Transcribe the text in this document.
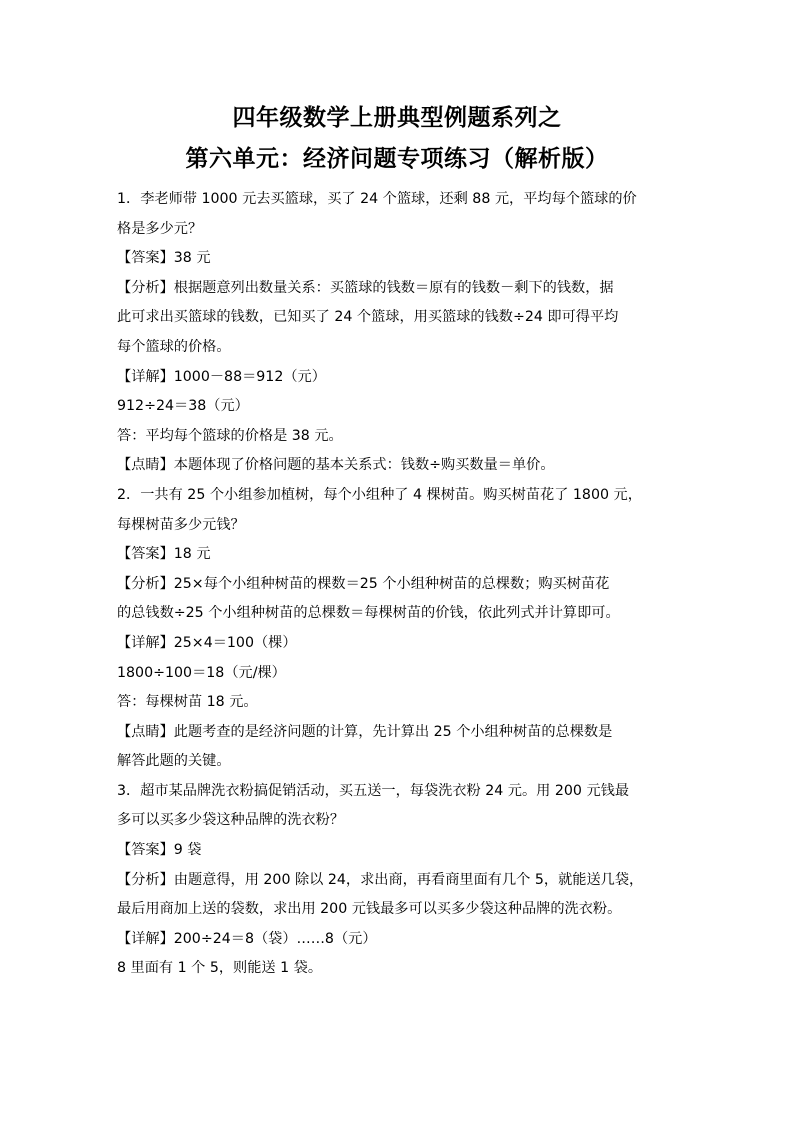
四年级数学上册典型例题系列之
第六单元：经济问题专项练习（解析版）
1．李老师带 1000 元去买篮球，买了 24 个篮球，还剩 88 元，平均每个篮球的价
格是多少元？
【答案】38 元
【分析】根据题意列出数量关系：买篮球的钱数＝原有的钱数－剩下的钱数，据
此可求出买篮球的钱数，已知买了 24 个篮球，用买篮球的钱数÷24 即可得平均
每个篮球的价格。
【详解】1000－88＝912（元）
912÷24＝38（元）
答：平均每个篮球的价格是 38 元。
【点睛】本题体现了价格问题的基本关系式：钱数÷购买数量＝单价。
2．一共有 25 个小组参加植树，每个小组种了 4 棵树苗。购买树苗花了 1800 元，
每棵树苗多少元钱？
【答案】18 元
【分析】25×每个小组种树苗的棵数＝25 个小组种树苗的总棵数；购买树苗花
的总钱数÷25 个小组种树苗的总棵数＝每棵树苗的价钱，依此列式并计算即可。
【详解】25×4＝100（棵）
1800÷100＝18（元/棵）
答：每棵树苗 18 元。
【点睛】此题考查的是经济问题的计算，先计算出 25 个小组种树苗的总棵数是
解答此题的关键。
3．超市某品牌洗衣粉搞促销活动，买五送一，每袋洗衣粉 24 元。用 200 元钱最
多可以买多少袋这种品牌的洗衣粉？
【答案】9 袋
【分析】由题意得，用 200 除以 24，求出商，再看商里面有几个 5，就能送几袋，
最后用商加上送的袋数，求出用 200 元钱最多可以买多少袋这种品牌的洗衣粉。
【详解】200÷24＝8（袋）……8（元）
8 里面有 1 个 5，则能送 1 袋。
